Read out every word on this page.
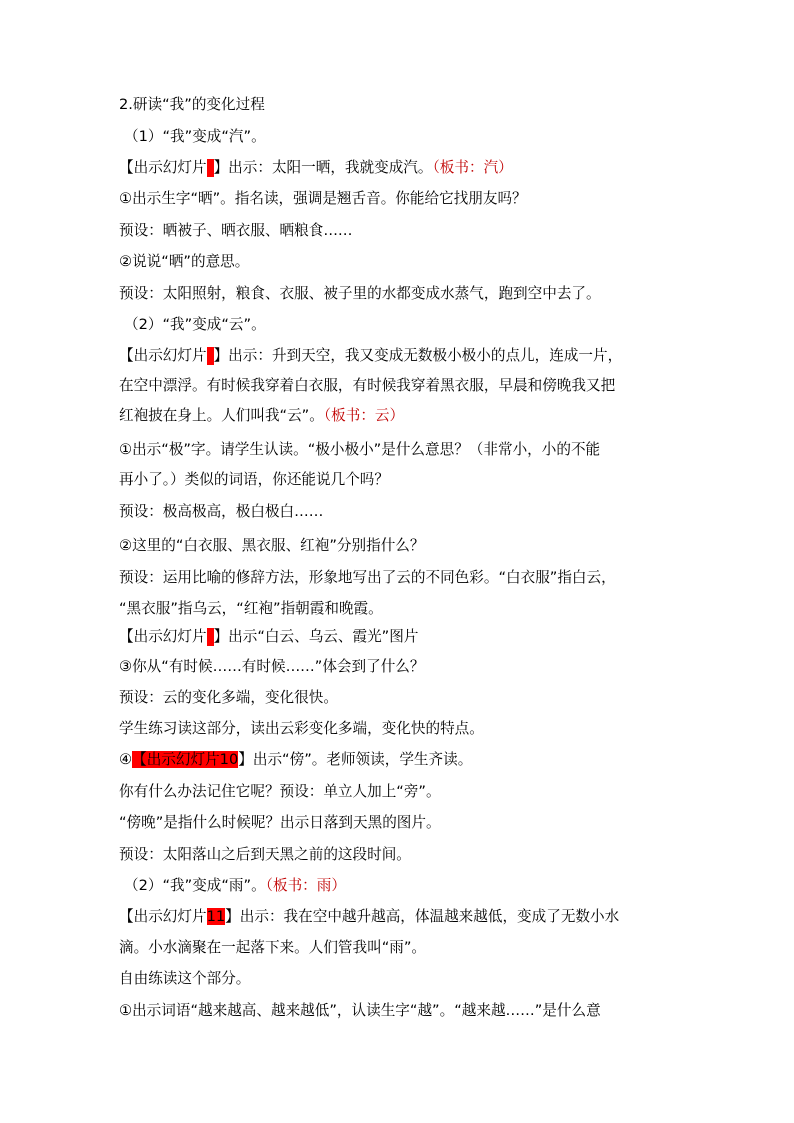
2.研读“我”的变化过程
（1）“我”变成“汽”。
【出示幻灯片 】出示：太阳一晒，我就变成汽。（板书：汽）
①出示生字“晒”。指名读，强调是翘舌音。你能给它找朋友吗？
预设：晒被子、晒衣服、晒粮食……
②说说“晒”的意思。
预设：太阳照射，粮食、衣服、被子里的水都变成水蒸气，跑到空中去了。
（2）“我”变成“云”。
【出示幻灯片 】出示：升到天空，我又变成无数极小极小的点儿，连成一片，
在空中漂浮。有时候我穿着白衣服，有时候我穿着黑衣服，早晨和傍晚我又把
红袍披在身上。人们叫我“云”。（板书：云）
①出示“极”字。请学生认读。“极小极小”是什么意思？（非常小，小的不能
再小了。）类似的词语，你还能说几个吗？
预设：极高极高，极白极白……
②这里的“白衣服、黑衣服、红袍”分别指什么？
预设：运用比喻的修辞方法，形象地写出了云的不同色彩。“白衣服”指白云，
“黑衣服”指乌云，“红袍”指朝霞和晚霞。
【出示幻灯片 】出示“白云、乌云、霞光”图片
③你从“有时候……有时候……”体会到了什么？
预设：云的变化多端，变化很快。
学生练习读这部分，读出云彩变化多端，变化快的特点。
④【出示幻灯片10】出示“傍”。老师领读，学生齐读。
你有什么办法记住它呢？预设：单立人加上“旁”。
“傍晚”是指什么时候呢？出示日落到天黑的图片。
预设：太阳落山之后到天黑之前的这段时间。
（2）“我”变成“雨”。（板书：雨）
【出示幻灯片11】出示：我在空中越升越高，体温越来越低，变成了无数小水
滴。小水滴聚在一起落下来。人们管我叫“雨”。
自由练读这个部分。
①出示词语“越来越高、越来越低”，认读生字“越”。“越来越……”是什么意
